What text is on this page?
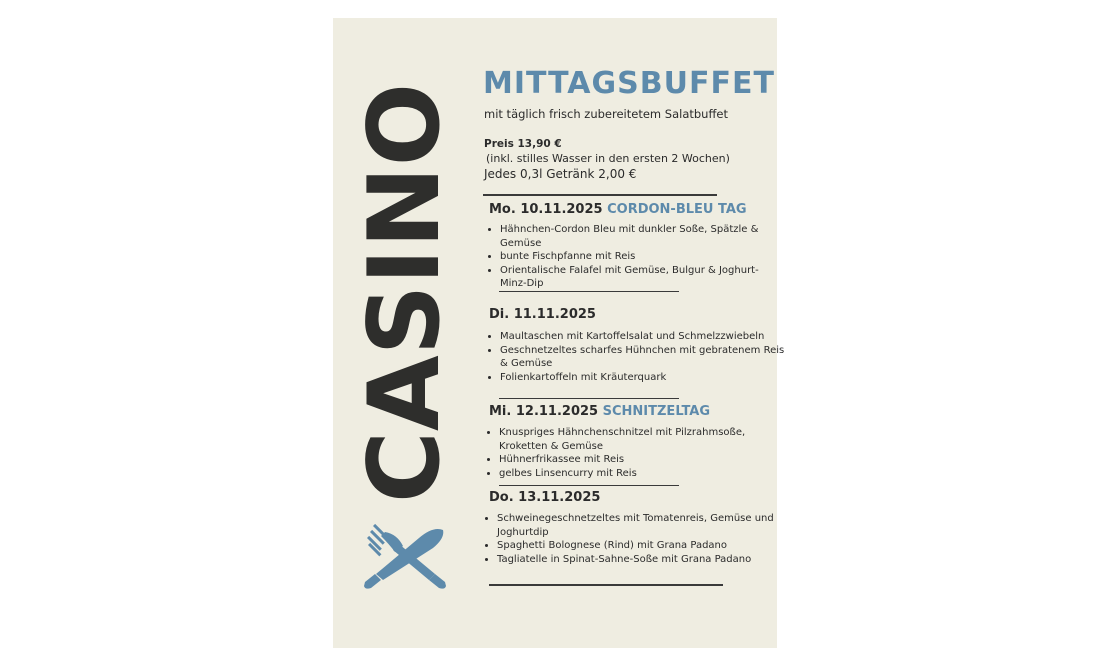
CASINO MITTAGSBUFFET
mit täglich frisch zubereitetem Salatbuffet
Preis 13,90 €
(inkl. stilles Wasser in den ersten 2 Wochen)
Jedes 0,3l Getränk 2,00 €
Mo. 10.11.2025 CORDON-BLEU TAG
• Hähnchen-Cordon Bleu mit dunkler Soße, Spätzle & Gemüse
• bunte Fischpfanne mit Reis
• Orientalische Falafel mit Gemüse, Bulgur & Joghurt-Minz-Dip
Di. 11.11.2025
• Maultaschen mit Kartoffelsalat und Schmelzzwiebeln
• Geschnetzeltes scharfes Hühnchen mit gebratenem Reis & Gemüse
• Folienkartoffeln mit Kräuterquark
Mi. 12.11.2025 SCHNITZELTAG
• Knuspriges Hähnchenschnitzel mit Pilzrahmsoße, Kroketten & Gemüse
• Hühnerfrikassee mit Reis
• gelbes Linsencurry mit Reis
Do. 13.11.2025
• Schweinegeschnetzeltes mit Tomatenreis, Gemüse und Joghurtdip
• Spaghetti Bolognese (Rind) mit Grana Padano
• Tagliatelle in Spinat-Sahne-Soße mit Grana Padano
